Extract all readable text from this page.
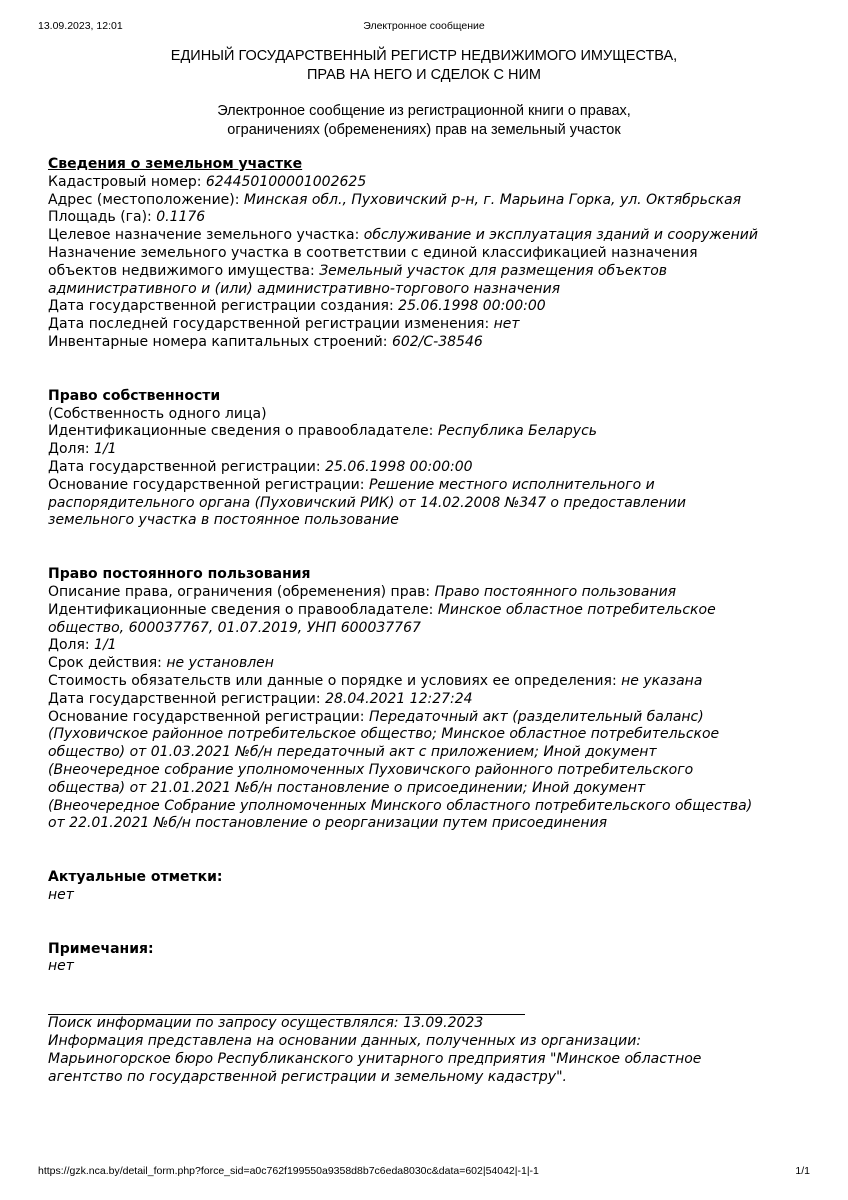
13.09.2023, 12:01	Электронное сообщение
ЕДИНЫЙ ГОСУДАРСТВЕННЫЙ РЕГИСТР НЕДВИЖИМОГО ИМУЩЕСТВА,
ПРАВ НА НЕГО И СДЕЛОК С НИМ
Электронное сообщение из регистрационной книги о правах,
ограничениях (обременениях) прав на земельный участок
Сведения о земельном участке
Кадастровый номер: 624450100001002625
Адрес (местоположение): Минская обл., Пуховичский р-н, г. Марьина Горка, ул. Октябрьская
Площадь (га): 0.1176
Целевое назначение земельного участка: обслуживание и эксплуатация зданий и сооружений
Назначение земельного участка в соответствии с единой классификацией назначения
объектов недвижимого имущества: Земельный участок для размещения объектов
административного и (или) административно-торгового назначения
Дата государственной регистрации создания: 25.06.1998 00:00:00
Дата последней государственной регистрации изменения: нет
Инвентарные номера капитальных строений: 602/С-38546
Право собственности
(Собственность одного лица)
Идентификационные сведения о правообладателе: Республика Беларусь
Доля: 1/1
Дата государственной регистрации: 25.06.1998 00:00:00
Основание государственной регистрации: Решение местного исполнительного и
распорядительного органа (Пуховичский РИК) от 14.02.2008 №347 о предоставлении
земельного участка в постоянное пользование
Право постоянного пользования
Описание права, ограничения (обременения) прав: Право постоянного пользования
Идентификационные сведения о правообладателе: Минское областное потребительское
общество, 600037767, 01.07.2019, УНП 600037767
Доля: 1/1
Срок действия: не установлен
Стоимость обязательств или данные о порядке и условиях ее определения: не указана
Дата государственной регистрации: 28.04.2021 12:27:24
Основание государственной регистрации: Передаточный акт (разделительный баланс)
(Пуховичское районное потребительское общество; Минское областное потребительское
общество) от 01.03.2021 №б/н передаточный акт с приложением; Иной документ
(Внеочередное собрание уполномоченных Пуховичского районного потребительского
общества) от 21.01.2021 №б/н постановление о присоединении; Иной документ
(Внеочередное Собрание уполномоченных Минского областного потребительского общества)
от 22.01.2021 №б/н постановление о реорганизации путем присоединения
Актуальные отметки:
нет
Примечания:
нет
Поиск информации по запросу осуществлялся: 13.09.2023
Информация представлена на основании данных, полученных из организации:
Марьиногорское бюро Республиканского унитарного предприятия "Минское областное
агентство по государственной регистрации и земельному кадастру".
https://gzk.nca.by/detail_form.php?force_sid=a0c762f199550a9358d8b7c6eda8030c&data=602|54042|-1|-1	1/1
